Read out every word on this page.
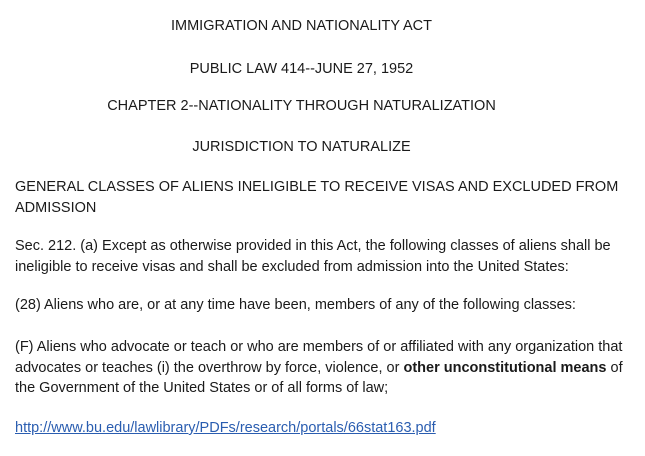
IMMIGRATION AND NATIONALITY ACT
PUBLIC LAW 414--JUNE 27, 1952
CHAPTER 2--NATIONALITY THROUGH NATURALIZATION
JURISDICTION TO NATURALIZE
GENERAL CLASSES OF ALIENS INELIGIBLE TO RECEIVE VISAS AND EXCLUDED FROM
ADMISSION
Sec. 212. (a) Except as otherwise provided in this Act, the following classes of aliens shall be
ineligible to receive visas and shall be excluded from admission into the United States:
(28) Aliens who are, or at any time have been, members of any of the following classes:
(F) Aliens who advocate or teach or who are members of or affiliated with any organization that
advocates or teaches (i) the overthrow by force, violence, or other unconstitutional means of
the Government of the United States or of all forms of law;
http://www.bu.edu/lawlibrary/PDFs/research/portals/66stat163.pdf
